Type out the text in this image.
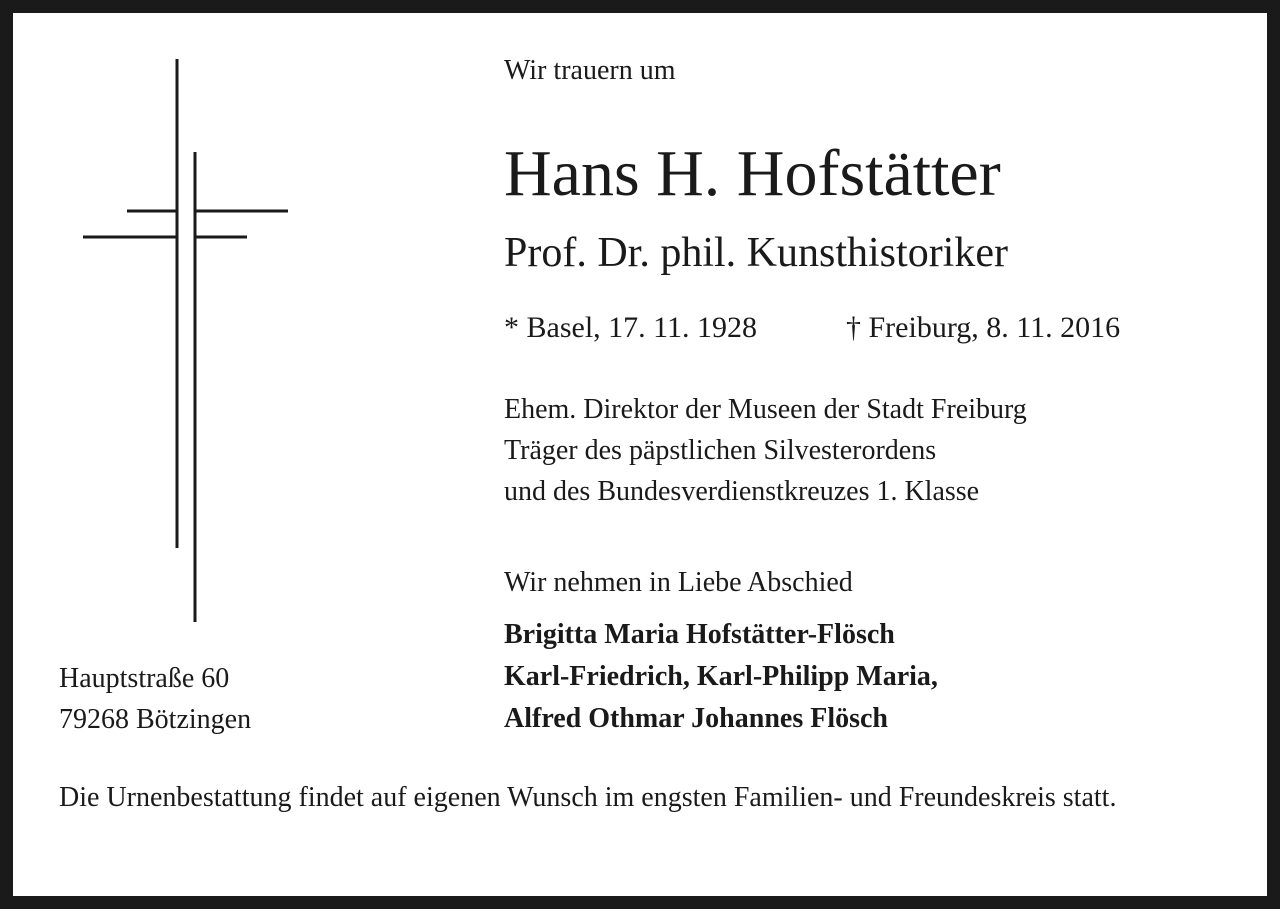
Wir trauern um
Hans H. Hofstätter
Prof. Dr. phil. Kunsthistoriker
* Basel, 17. 11. 1928	† Freiburg, 8. 11. 2016
Ehem. Direktor der Museen der Stadt Freiburg
Träger des päpstlichen Silvesterordens
und des Bundesverdienstkreuzes 1. Klasse
Wir nehmen in Liebe Abschied
Brigitta Maria Hofstätter-Flösch
Karl-Friedrich, Karl-Philipp Maria,
Alfred Othmar Johannes Flösch
Hauptstraße 60
79268 Bötzingen
Die Urnenbestattung findet auf eigenen Wunsch im engsten Familien- und Freundeskreis statt.
